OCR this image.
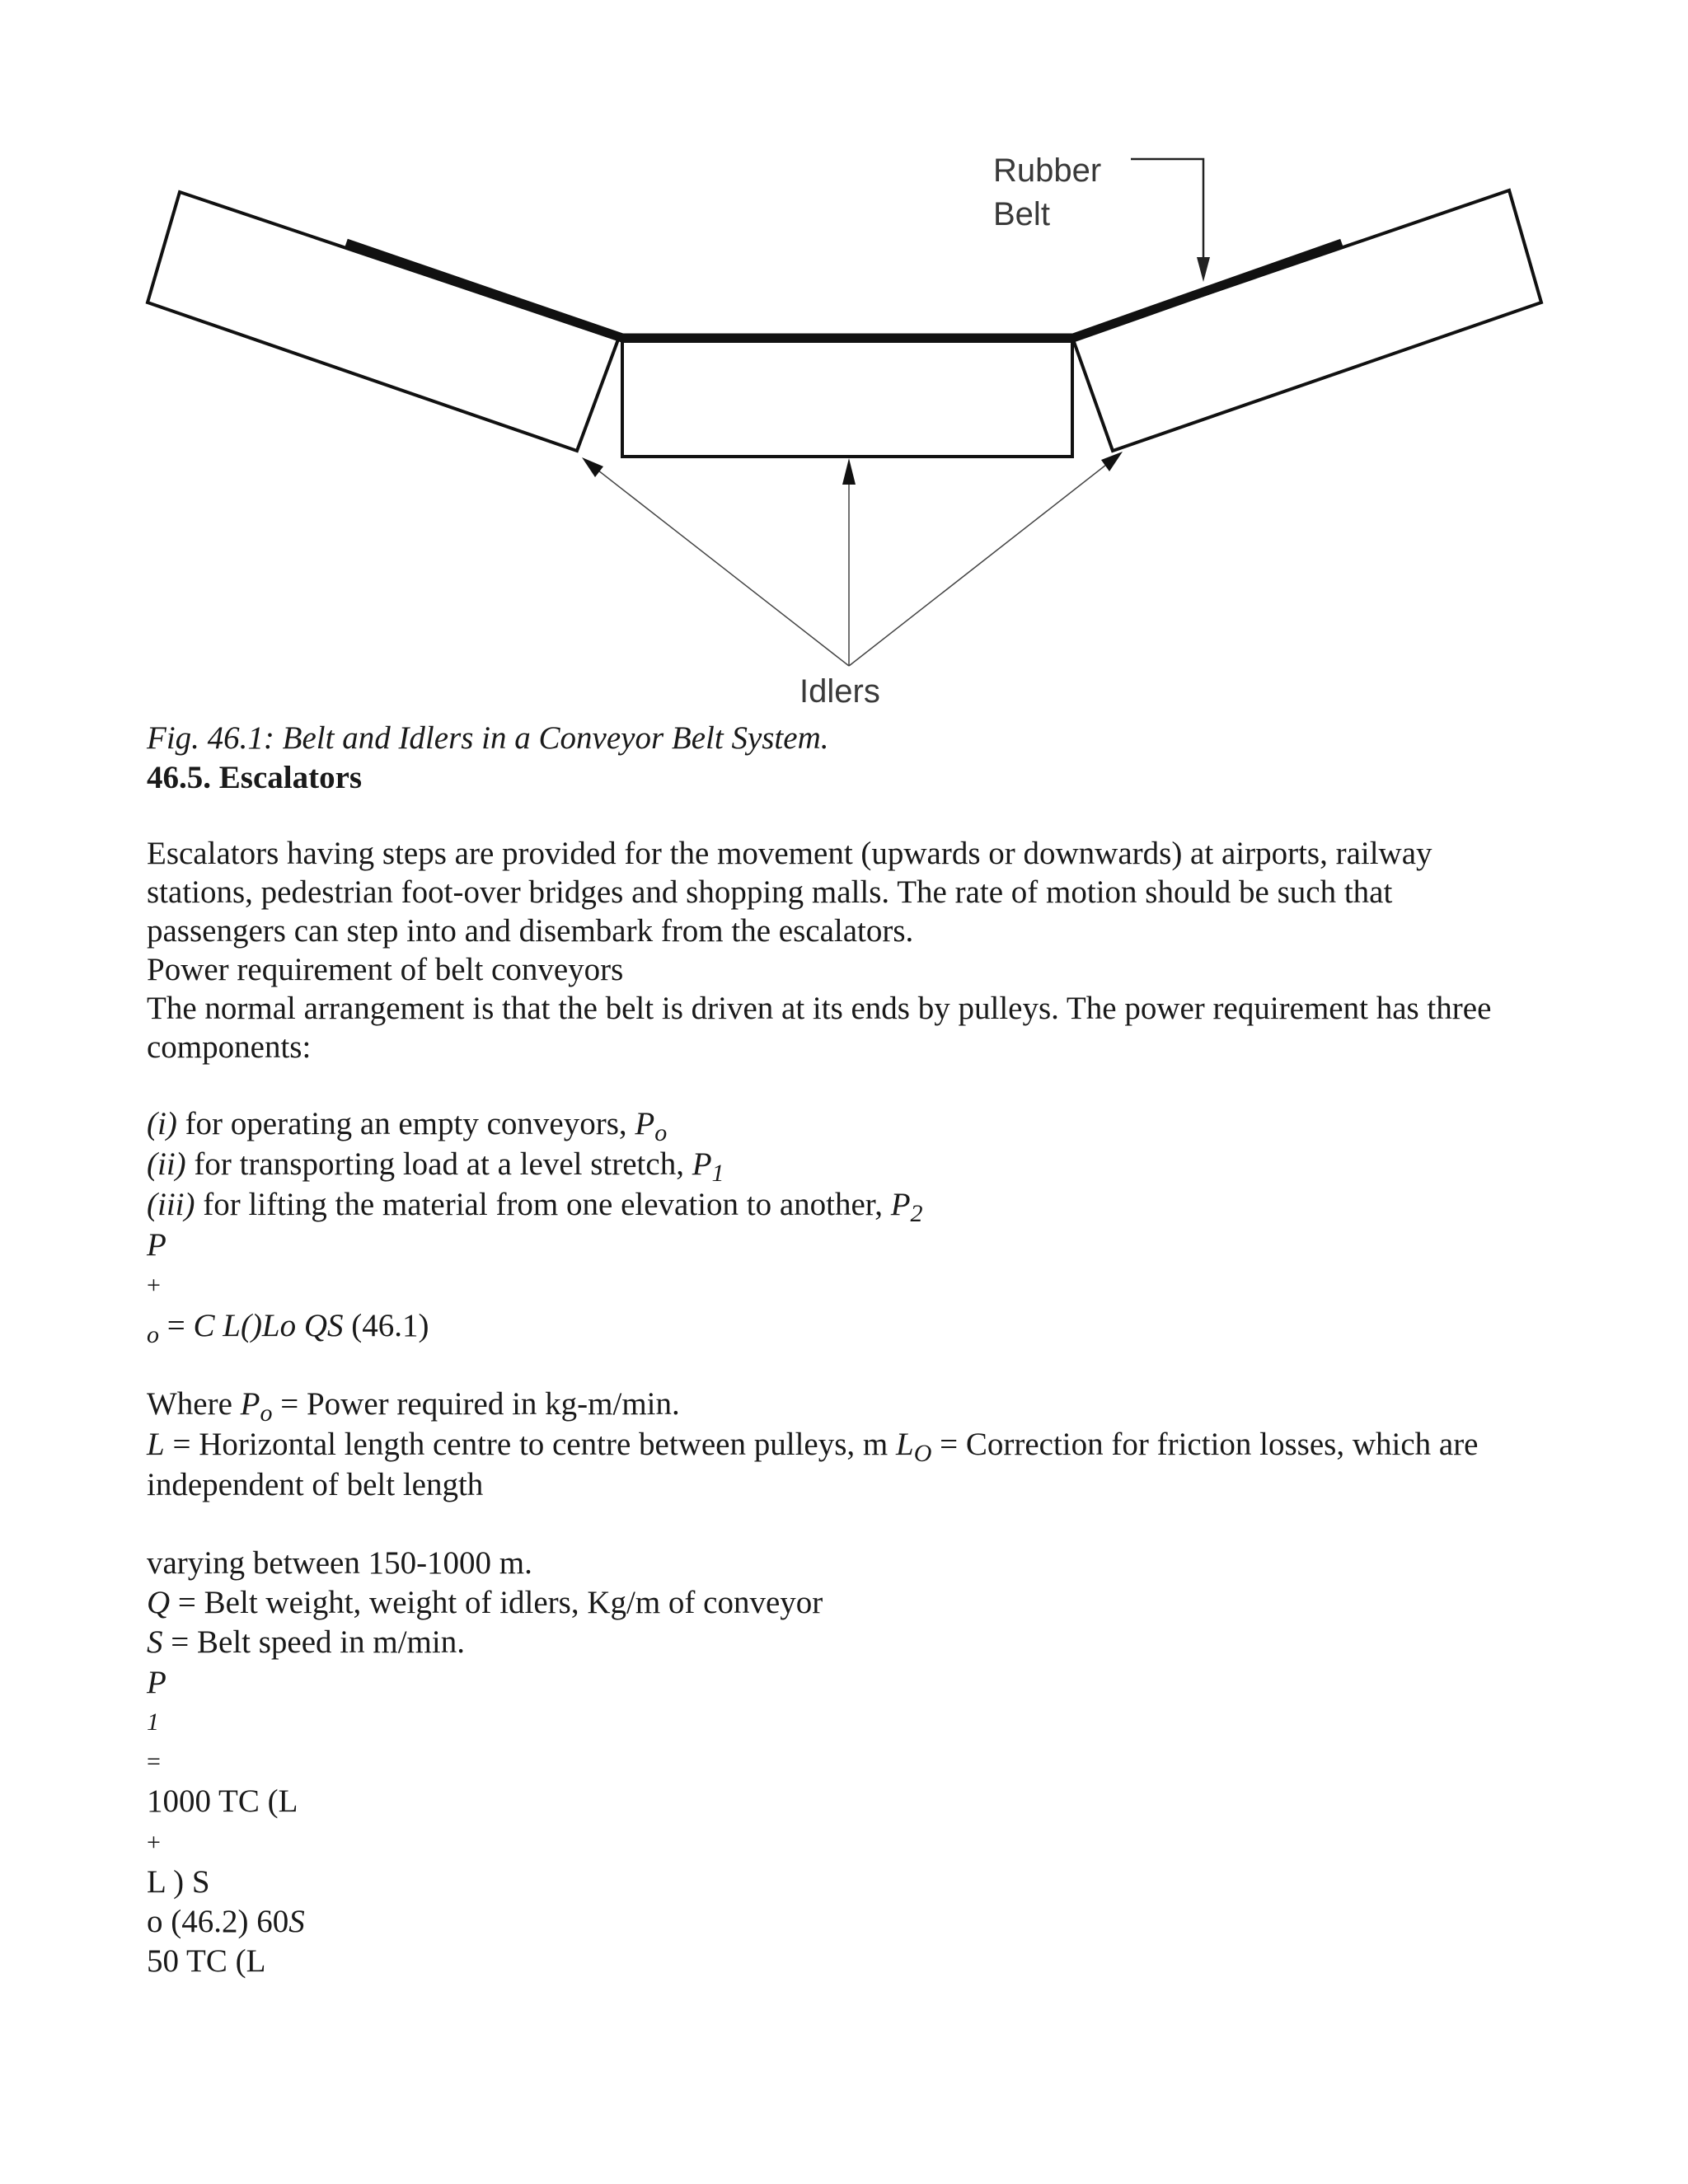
Rubber
Belt
Idlers
Fig. 46.1: Belt and Idlers in a Conveyor Belt System.
46.5. Escalators
Escalators having steps are provided for the movement (upwards or downwards) at airports, railway
stations, pedestrian foot-over bridges and shopping malls. The rate of motion should be such that
passengers can step into and disembark from the escalators.
Power requirement of belt conveyors
The normal arrangement is that the belt is driven at its ends by pulleys. The power requirement has three
components:
(i) for operating an empty conveyors, $P_o$
(ii) for transporting load at a level stretch, $P_1$
(iii) for lifting the material from one elevation to another, $P_2$
P
+
$_o$ = C L()Lo QS (46.1)
Where $P_o$ = Power required in kg-m/min.
L = Horizontal length centre to centre between pulleys, m $L_O$ = Correction for friction losses, which are
independent of belt length
varying between 150-1000 m.
Q = Belt weight, weight of idlers, Kg/m of conveyor
S = Belt speed in m/min.
P
1
=
1000 TC (L
+
L ) S
o (46.2) 60S
50 TC (L
